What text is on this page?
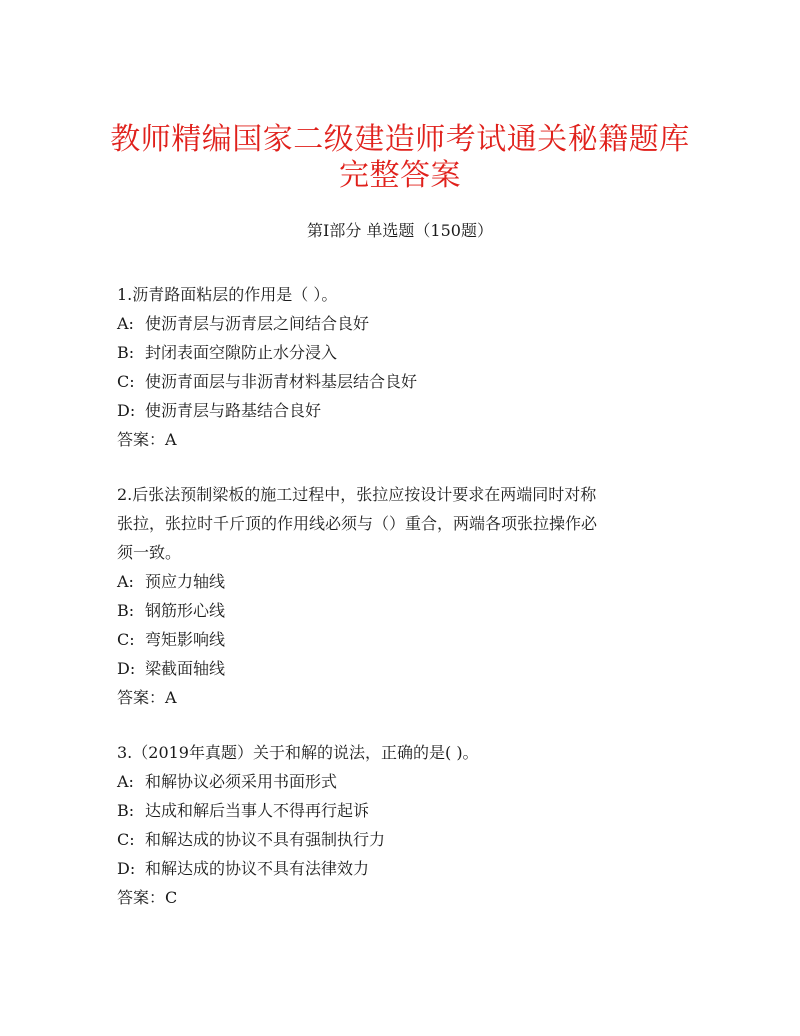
教师精编国家二级建造师考试通关秘籍题库
完整答案
第Ⅰ部分 单选题（150题）

1.沥青路面粘层的作用是（ ）。

A: 使沥青层与沥青层之间结合良好

B: 封闭表面空隙防止水分浸入

C: 使沥青面层与非沥青材料基层结合良好

D: 使沥青层与路基结合良好

答案：A

2.后张法预制梁板的施工过程中，张拉应按设计要求在两端同时对称

张拉，张拉时千斤顶的作用线必须与（）重合，两端各项张拉操作必

须一致。

A: 预应力轴线

B: 钢筋形心线

C: 弯矩影响线

D: 梁截面轴线

答案：A

3.（2019年真题）关于和解的说法，正确的是( )。

A: 和解协议必须采用书面形式

B: 达成和解后当事人不得再行起诉

C: 和解达成的协议不具有强制执行力

D: 和解达成的协议不具有法律效力

答案：C
